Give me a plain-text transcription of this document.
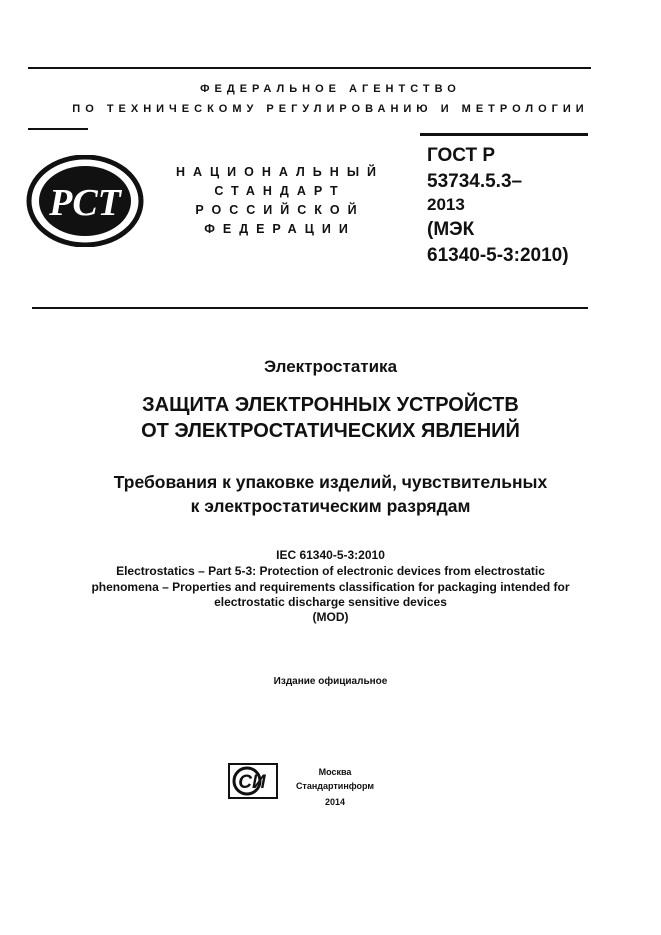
ФЕДЕРАЛЬНОЕ АГЕНТСТВО
ПО ТЕХНИЧЕСКОМУ РЕГУЛИРОВАНИЮ И МЕТРОЛОГИИ
РСТ
НАЦИОНАЛЬНЫЙ
СТАНДАРТ
РОССИЙСКОЙ
ФЕДЕРАЦИИ
ГОСТ Р
53734.5.3–
2013
(МЭК
61340-5-3:2010)
Электростатика
ЗАЩИТА ЭЛЕКТРОННЫХ УСТРОЙСТВ
ОТ ЭЛЕКТРОСТАТИЧЕСКИХ ЯВЛЕНИЙ
Требования к упаковке изделий, чувствительных
к электростатическим разрядам
IEC 61340-5-3:2010
Electrostatics – Part 5-3: Protection of electronic devices from electrostatic
phenomena – Properties and requirements classification for packaging intended for
electrostatic discharge sensitive devices
(MOD)
Издание официальное
СИ	Москва
Стандартинформ
2014
